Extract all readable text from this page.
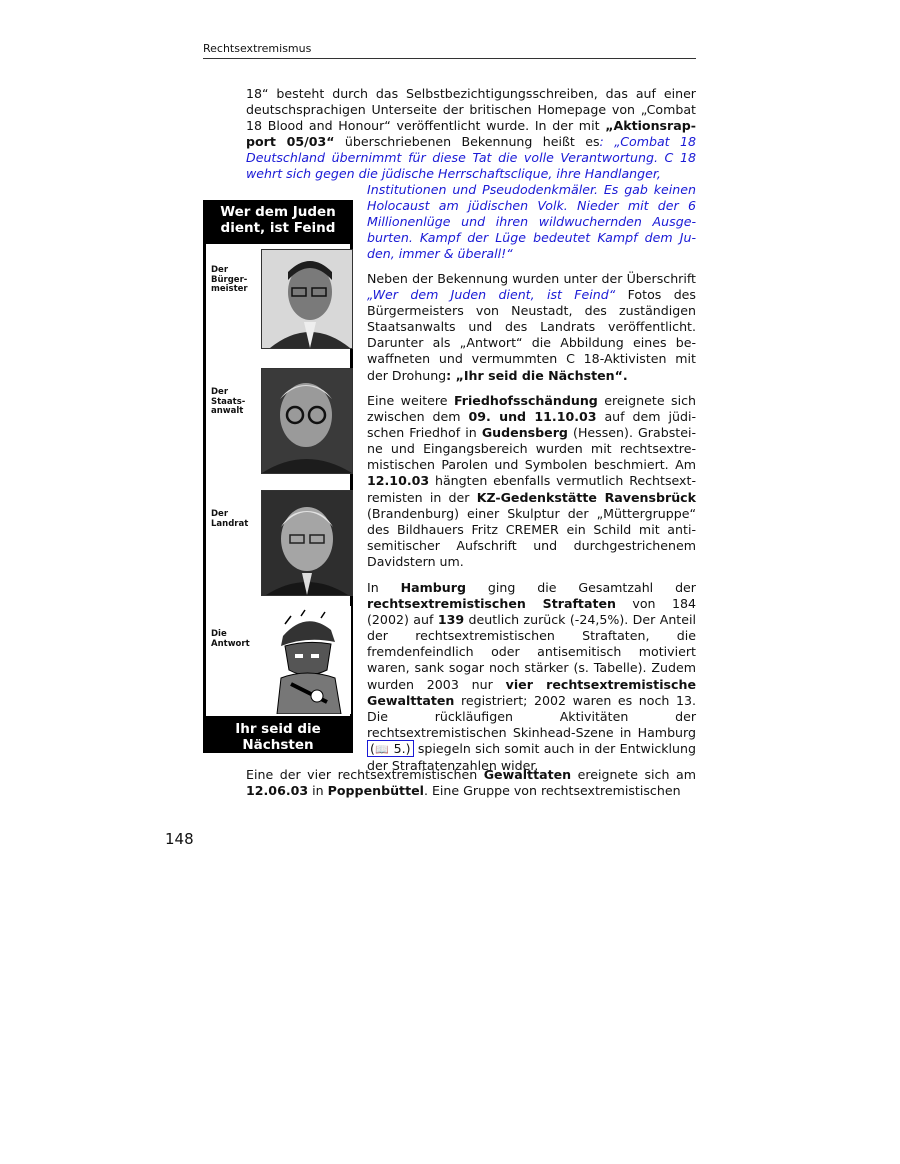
Rechtsextremismus

18“ besteht durch das Selbstbezichtigungsschreiben, das auf einer deutschsprachigen Unterseite der britischen Homepage von „Combat 18 Blood and Honour“ veröffentlicht wurde. In der mit „Aktionsrapport 05/03“ überschriebenen Bekennung heißt es: „Combat 18 Deutschland übernimmt für diese Tat die volle Verantwortung. C 18 wehrt sich gegen die jüdische Herrschaftsclique, ihre Handlanger,

Institutionen und Pseudodenkmäler. Es gab keinen Holocaust am jüdischen Volk. Nieder mit der 6 Millionenlüge und ihren wildwuchernden Ausgeburten. Kampf der Lüge bedeutet Kampf dem Juden, immer & überall!“

Neben der Bekennung wurden unter der Überschrift „Wer dem Juden dient, ist Feind“ Fotos des Bürgermeisters von Neustadt, des zuständigen Staatsanwalts und des Landrats veröffentlicht. Darunter als „Antwort“ die Abbildung eines bewaffneten und vermummten C 18-Aktivisten mit der Drohung: „Ihr seid die Nächsten“.

Eine weitere Friedhofsschändung ereignete sich zwischen dem 09. und 11.10.03 auf dem jüdischen Friedhof in Gudensberg (Hessen). Grabsteine und Eingangsbereich wurden mit rechtsextremistischen Parolen und Symbolen beschmiert. Am 12.10.03 hängten ebenfalls vermutlich Rechtsextremisten in der KZ-Gedenkstätte Ravensbrück (Brandenburg) einer Skulptur der „Müttergruppe“ des Bildhauers Fritz CREMER ein Schild mit antisemitischer Aufschrift und durchgestrichenem Davidstern um.

In Hamburg ging die Gesamtzahl der rechtsextremistischen Straftaten von 184 (2002) auf 139 deutlich zurück (-24,5%). Der Anteil der rechtsextremistischen Straftaten, die fremdenfeindlich oder antisemitisch motiviert waren, sank sogar noch stärker (s. Tabelle). Zudem wurden 2003 nur vier rechtsextremistische Gewalttaten registriert; 2002 waren es noch 13. Die rückläufigen Aktivitäten der rechtsextremistischen Skinhead-Szene in Hamburg (📖 5.) spiegeln sich somit auch in der Entwicklung der Straftatenzahlen wider.

Eine der vier rechtsextremistischen Gewalttaten ereignete sich am 12.06.03 in Poppenbüttel. Eine Gruppe von rechtsextremistischen

Wer dem Juden
dient, ist Feind
Der
Bürger-
meister
Der
Staats-
anwalt
Der
Landrat
Die
Antwort
Ihr seid die
Nächsten
148
